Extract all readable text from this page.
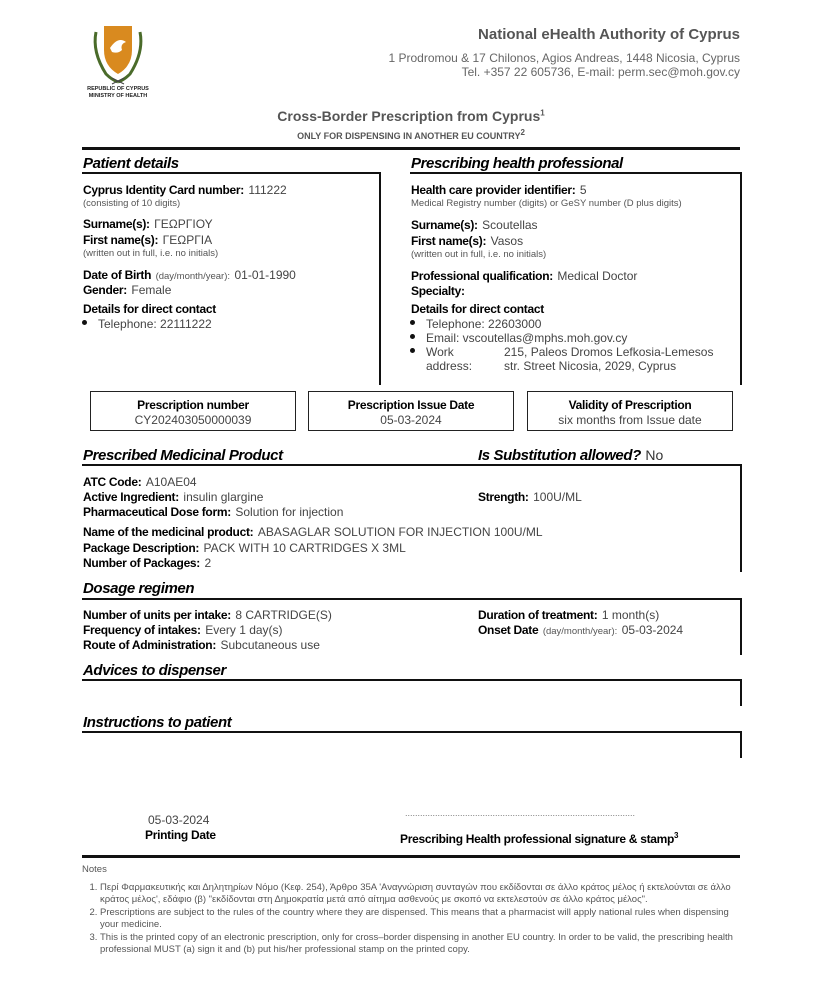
REPUBLIC OF CYPRUS
MINISTRY OF HEALTH
National eHealth Authority of Cyprus
1 Prodromou & 17 Chilonos, Agios Andreas, 1448 Nicosia, Cyprus
Tel. +357 22 605736, E-mail: perm.sec@moh.gov.cy
Cross-Border Prescription from Cyprus$^1$
ONLY FOR DISPENSING IN ANOTHER EU COUNTRY$^2$
Patient details
Cyprus Identity Card number: 111222
(consisting of 10 digits)
Surname(s): ΓΕΩΡΓΙΟΥ
First name(s): ΓΕΩΡΓΙΑ
(written out in full, i.e. no initials)
Date of Birth (day/month/year): 01-01-1990
Gender: Female
Details for direct contact
Telephone: 22111222
Prescribing health professional
Health care provider identifier: 5
Medical Registry number (digits) or GeSY number (D plus digits)
Surname(s): Scoutellas
First name(s): Vasos
(written out in full, i.e. no initials)
Professional qualification: Medical Doctor
Specialty:
Details for direct contact
Telephone: 22603000
Email: vscoutellas@mphs.moh.gov.cy
Work
address:
215, Paleos Dromos Lefkosia-Lemesos
str. Street Nicosia, 2029, Cyprus
Prescription number
CY202403050000039
Prescription Issue Date
05-03-2024
Validity of Prescription
six months from Issue date
Prescribed Medicinal Product	Is Substitution allowed? No
ATC Code: A10AE04
Active Ingredient: insulin glargine	Strength: 100U/ML
Pharmaceutical Dose form: Solution for injection
Name of the medicinal product: ABASAGLAR SOLUTION FOR INJECTION 100U/ML
Package Description: PACK WITH 10 CARTRIDGES X 3ML
Number of Packages: 2
Dosage regimen
Number of units per intake: 8 CARTRIDGE(S)
Frequency of intakes: Every 1 day(s)
Route of Administration: Subcutaneous use
Duration of treatment: 1 month(s)
Onset Date (day/month/year): 05-03-2024
Advices to dispenser
Instructions to patient
05-03-2024
Printing Date
............................................................................................
Prescribing Health professional signature & stamp$^3$
Notes
1. Περί Φαρμακευτικής και Δηλητηρίων Νόμο (Κεφ. 254), Άρθρο 35Α 'Αναγνώριση συνταγών που εκδίδονται σε άλλο κράτος μέλος ή εκτελούνται σε άλλο κράτος μέλος', εδάφιο (β) "εκδίδονται στη Δημοκρατία μετά από αίτημα ασθενούς με σκοπό να εκτελεστούν σε άλλο κράτος μέλος".
2. Prescriptions are subject to the rules of the country where they are dispensed. This means that a pharmacist will apply national rules when dispensing your medicine.
3. This is the printed copy of an electronic prescription, only for cross–border dispensing in another EU country. In order to be valid, the prescribing health professional MUST (a) sign it and (b) put his/her professional stamp on the printed copy.
